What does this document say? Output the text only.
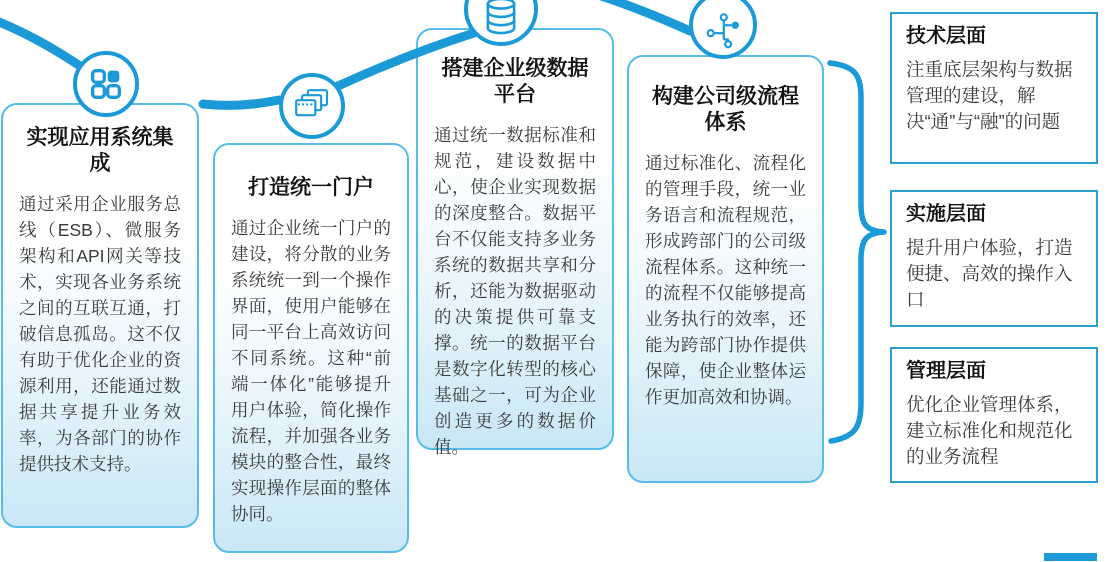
实现应用系统集成
通过采用企业服务总线（ESB）、微服务架构和API网关等技术，实现各业务系统之间的互联互通，打破信息孤岛。这不仅有助于优化企业的资源利用，还能通过数据共享提升业务效率，为各部门的协作提供技术支持。
打造统一门户
通过企业统一门户的建设，将分散的业务系统统一到一个操作界面，使用户能够在同一平台上高效访问不同系统。这种“前端一体化”能够提升用户体验，简化操作流程，并加强各业务模块的整合性，最终实现操作层面的整体协同。
搭建企业级数据平台
通过统一数据标准和规范，建设数据中心，使企业实现数据的深度整合。数据平台不仅能支持多业务系统的数据共享和分析，还能为数据驱动的决策提供可靠支撑。统一的数据平台是数字化转型的核心基础之一，可为企业创造更多的数据价值。
构建公司级流程体系
通过标准化、流程化的管理手段，统一业务语言和流程规范，形成跨部门的公司级流程体系。这种统一的流程不仅能够提高业务执行的效率，还能为跨部门协作提供保障，使企业整体运作更加高效和协调。
技术层面
注重底层架构与数据管理的建设，解决“通”与“融”的问题
实施层面
提升用户体验，打造便捷、高效的操作入口
管理层面
优化企业管理体系，建立标准化和规范化的业务流程
